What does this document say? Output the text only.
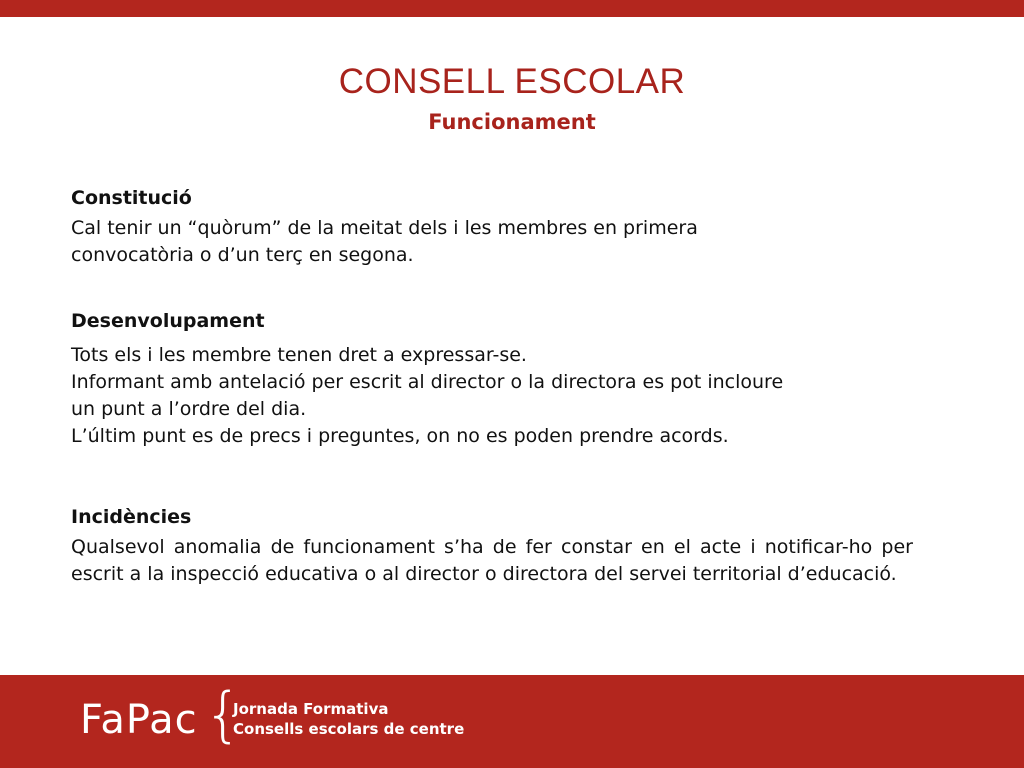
CONSELL ESCOLAR
Funcionament
Constitució

Cal tenir un “quòrum” de la meitat dels i les membres en primera
convocatòria o d’un terç en segona.

Desenvolupament

Tots els i les membre tenen dret a expressar-se.
Informant amb antelació per escrit al director o la directora es pot incloure
un punt a l’ordre del dia.
L’últim punt es de precs i preguntes, on no es poden prendre acords.

Incidències

Qualsevol anomalia de funcionament s’ha de fer constar en el acte i notificar-ho per escrit a la inspecció educativa o al director o directora del servei territorial d’educació.

FaPac {
Jornada Formativa
Consells escolars de centre
